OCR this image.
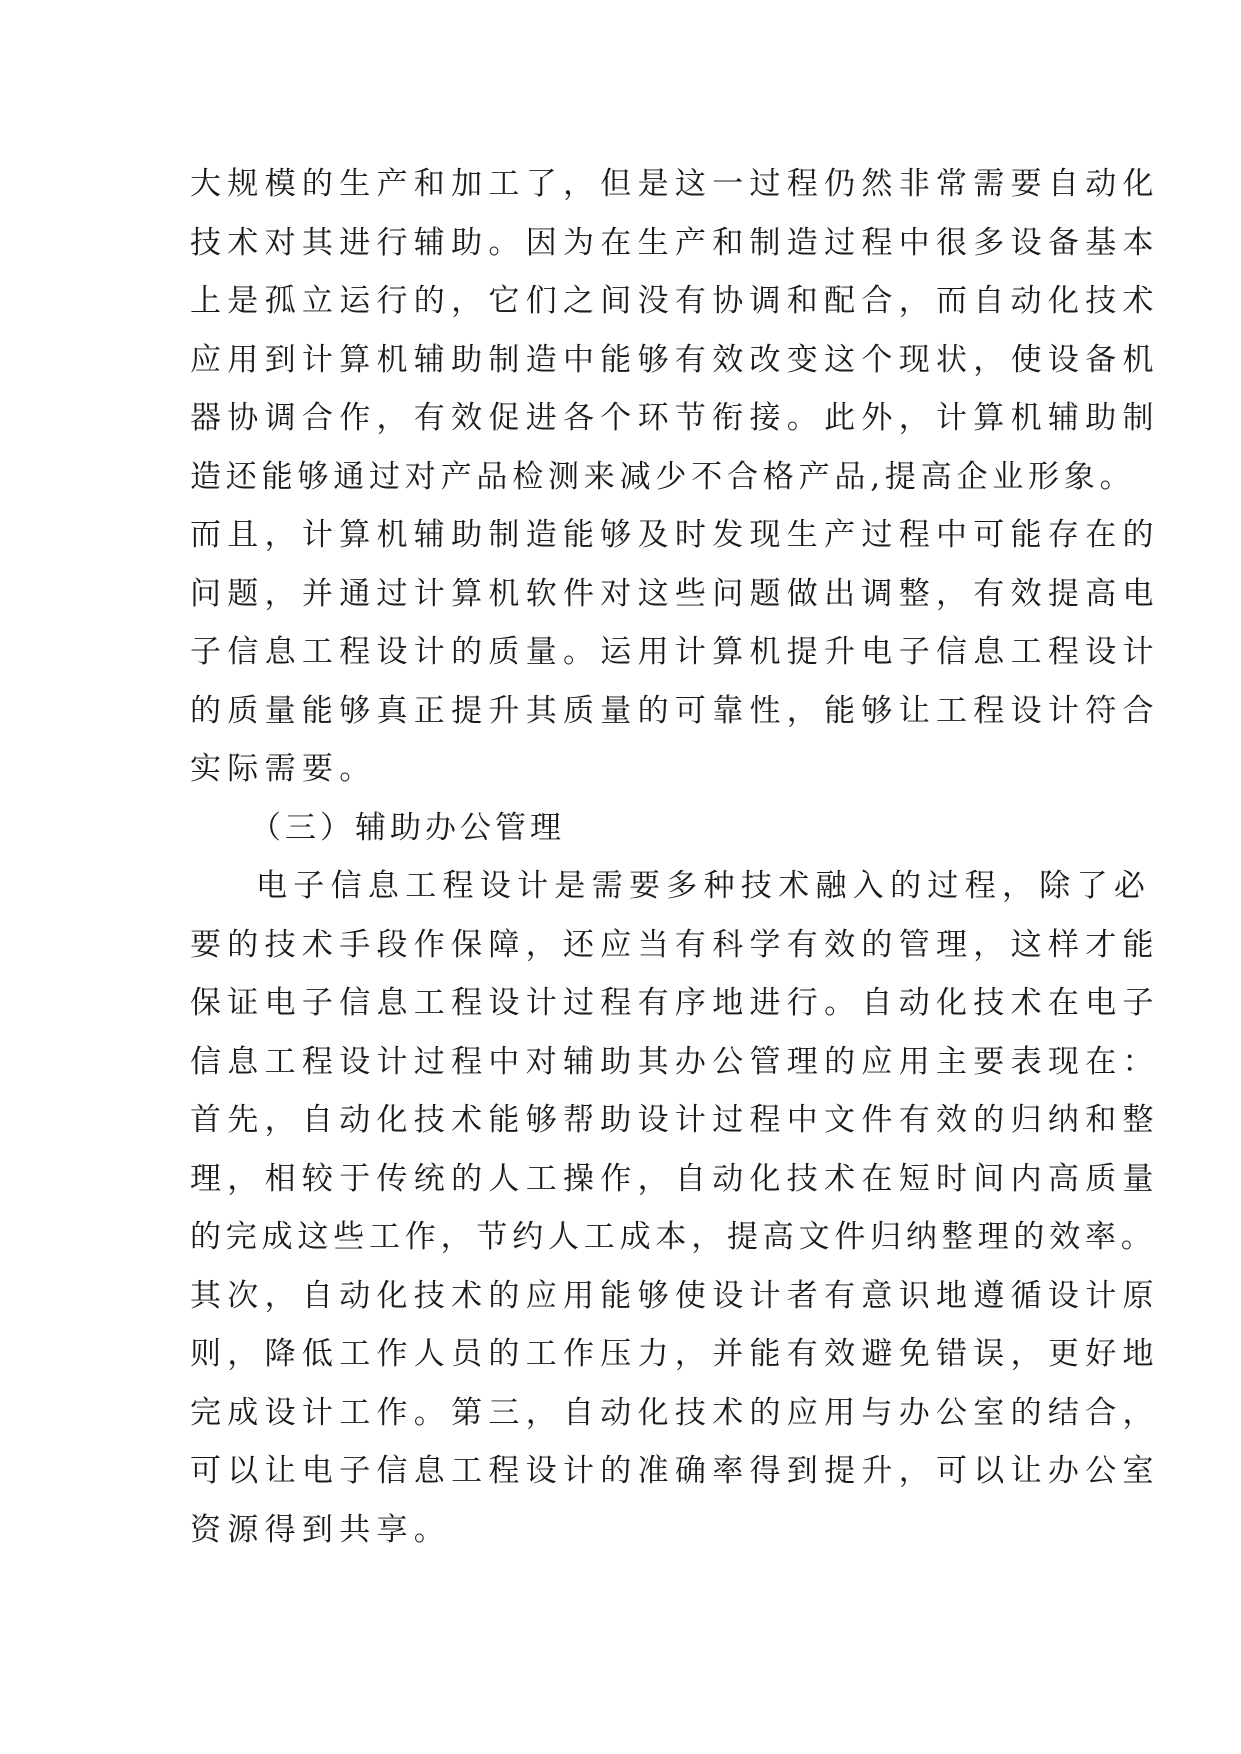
大规模的生产和加工了，但是这一过程仍然非常需要自动化
技术对其进行辅助。因为在生产和制造过程中很多设备基本
上是孤立运行的，它们之间没有协调和配合，而自动化技术
应用到计算机辅助制造中能够有效改变这个现状，使设备机
器协调合作，有效促进各个环节衔接。此外，计算机辅助制
造还能够通过对产品检测来减少不合格产品,提高企业形象。
而且，计算机辅助制造能够及时发现生产过程中可能存在的
问题，并通过计算机软件对这些问题做出调整，有效提高电
子信息工程设计的质量。运用计算机提升电子信息工程设计
的质量能够真正提升其质量的可靠性，能够让工程设计符合
实际需要。
（三）辅助办公管理
电子信息工程设计是需要多种技术融入的过程，除了必
要的技术手段作保障，还应当有科学有效的管理，这样才能
保证电子信息工程设计过程有序地进行。自动化技术在电子
信息工程设计过程中对辅助其办公管理的应用主要表现在：
首先，自动化技术能够帮助设计过程中文件有效的归纳和整
理，相较于传统的人工操作，自动化技术在短时间内高质量
的完成这些工作，节约人工成本，提高文件归纳整理的效率。
其次，自动化技术的应用能够使设计者有意识地遵循设计原
则，降低工作人员的工作压力，并能有效避免错误，更好地
完成设计工作。第三，自动化技术的应用与办公室的结合，
可以让电子信息工程设计的准确率得到提升，可以让办公室
资源得到共享。
